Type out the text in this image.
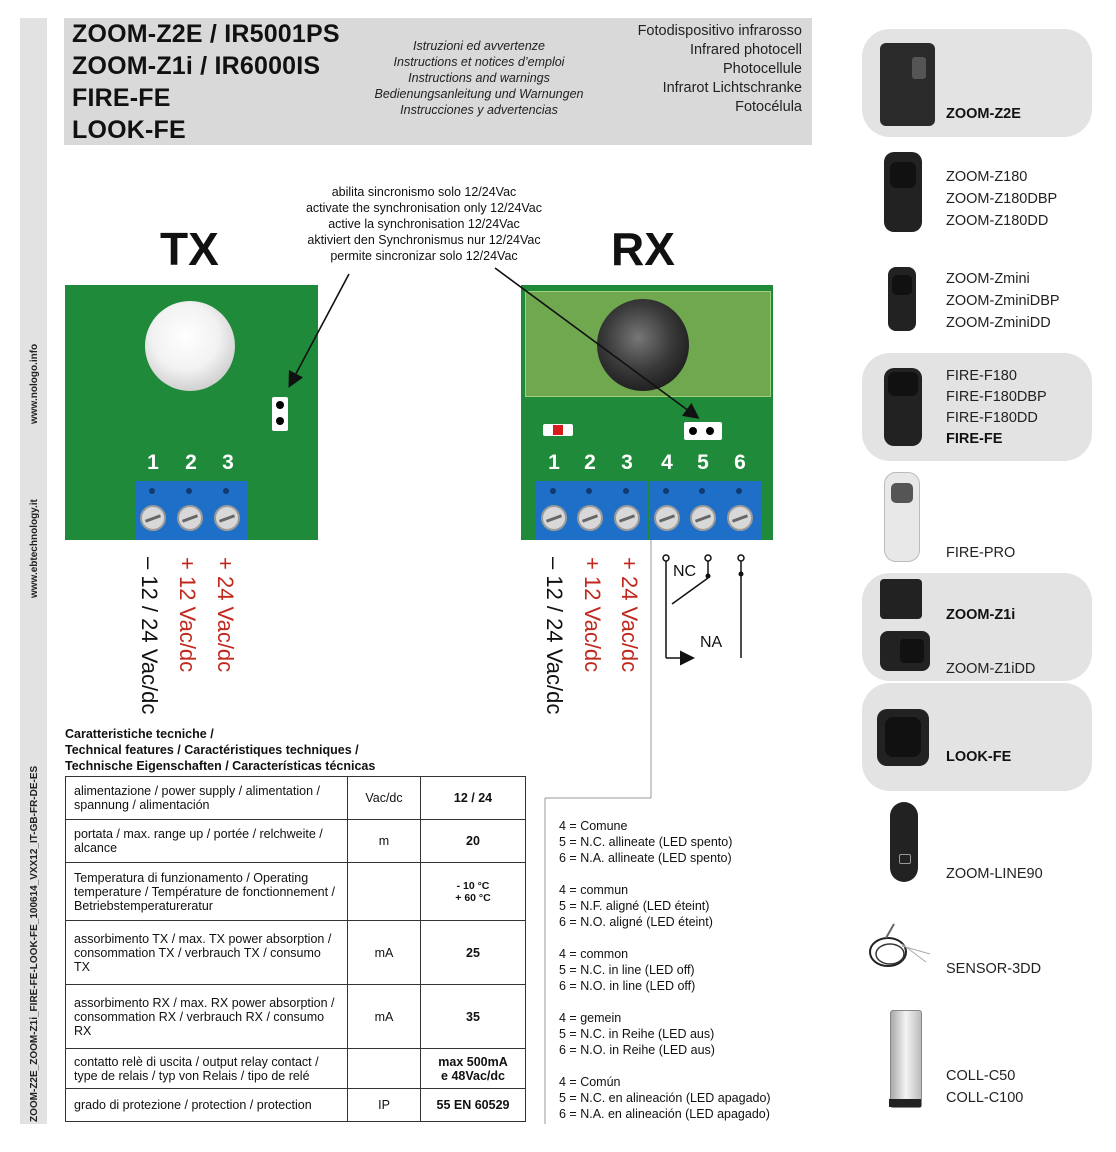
www.nologo.info
www.ebtechnology.it
ZOOM-Z2E_ZOOM-Z1i_FIRE-FE-LOOK-FE_100614_VXX12_IT-GB-FR-DE-ES
ZOOM-Z2E / IR5001PS
ZOOM-Z1i / IR6000IS
FIRE-FE
LOOK-FE
Istruzioni ed avvertenze
Instructions et notices d’emploi
Instructions and warnings
Bedienungsanleitung und Warnungen
Instrucciones y advertencias
Fotodispositivo infrarosso
Infrared photocell
Photocellule
Infrarot Lichtschranke
Fotocélula
TX	RX
abilita sincronismo solo 12/24Vac
activate the synchronisation only 12/24Vac
active la synchronisation 12/24Vac
aktiviert den Synchronismus nur 12/24Vac
permite sincronizar solo 12/24Vac
1 2 3	1 2 3 4 5 6
NC
NA
– 12 / 24 Vac/dc + 12 Vac/dc + 24 Vac/dc	– 12 / 24 Vac/dc + 12 Vac/dc + 24 Vac/dc
Caratteristiche tecniche /
Technical features / Caractéristiques techniques /
Technische Eigenschaften / Características técnicas
alimentazione / power supply / alimentation / spannung / alimentación	Vac/dc	12 / 24
portata / max. range up / portée / relchweite / alcance	m	20
Temperatura di funzionamento / Operating temperature / Température de fonctionnement / Betriebstemperatureratur		- 10 °C
+ 60 °C
assorbimento TX / max. TX power absorption / consommation TX / verbrauch TX / consumo TX	mA	25
assorbimento RX / max. RX power absorption / consommation RX / verbrauch RX / consumo RX	mA	35
contatto relè di uscita / output relay contact / type de relais / typ von Relais / tipo de relé		max 500mA
e 48Vac/dc
grado di protezione / protection / protection	IP	55 EN 60529
4 = Comune
5 = N.C. allineate (LED spento)
6 = N.A. allineate (LED spento)
4 = commun
5 = N.F. aligné (LED éteint)
6 = N.O. aligné (LED éteint)
4 = common
5 = N.C. in line (LED off)
6 = N.O. in line (LED off)
4 = gemein
5 = N.C. in Reihe (LED aus)
6 = N.O. in Reihe (LED aus)
4 = Común
5 = N.C. en alineación (LED apagado)
6 = N.A. en alineación (LED apagado)
ZOOM-Z2E
ZOOM-Z180
ZOOM-Z180DBP
ZOOM-Z180DD
ZOOM-Zmini
ZOOM-ZminiDBP
ZOOM-ZminiDD
FIRE-F180
FIRE-F180DBP
FIRE-F180DD
FIRE-FE
FIRE-PRO
ZOOM-Z1i
ZOOM-Z1iDD
LOOK-FE
ZOOM-LINE90
SENSOR-3DD
COLL-C50
COLL-C100
